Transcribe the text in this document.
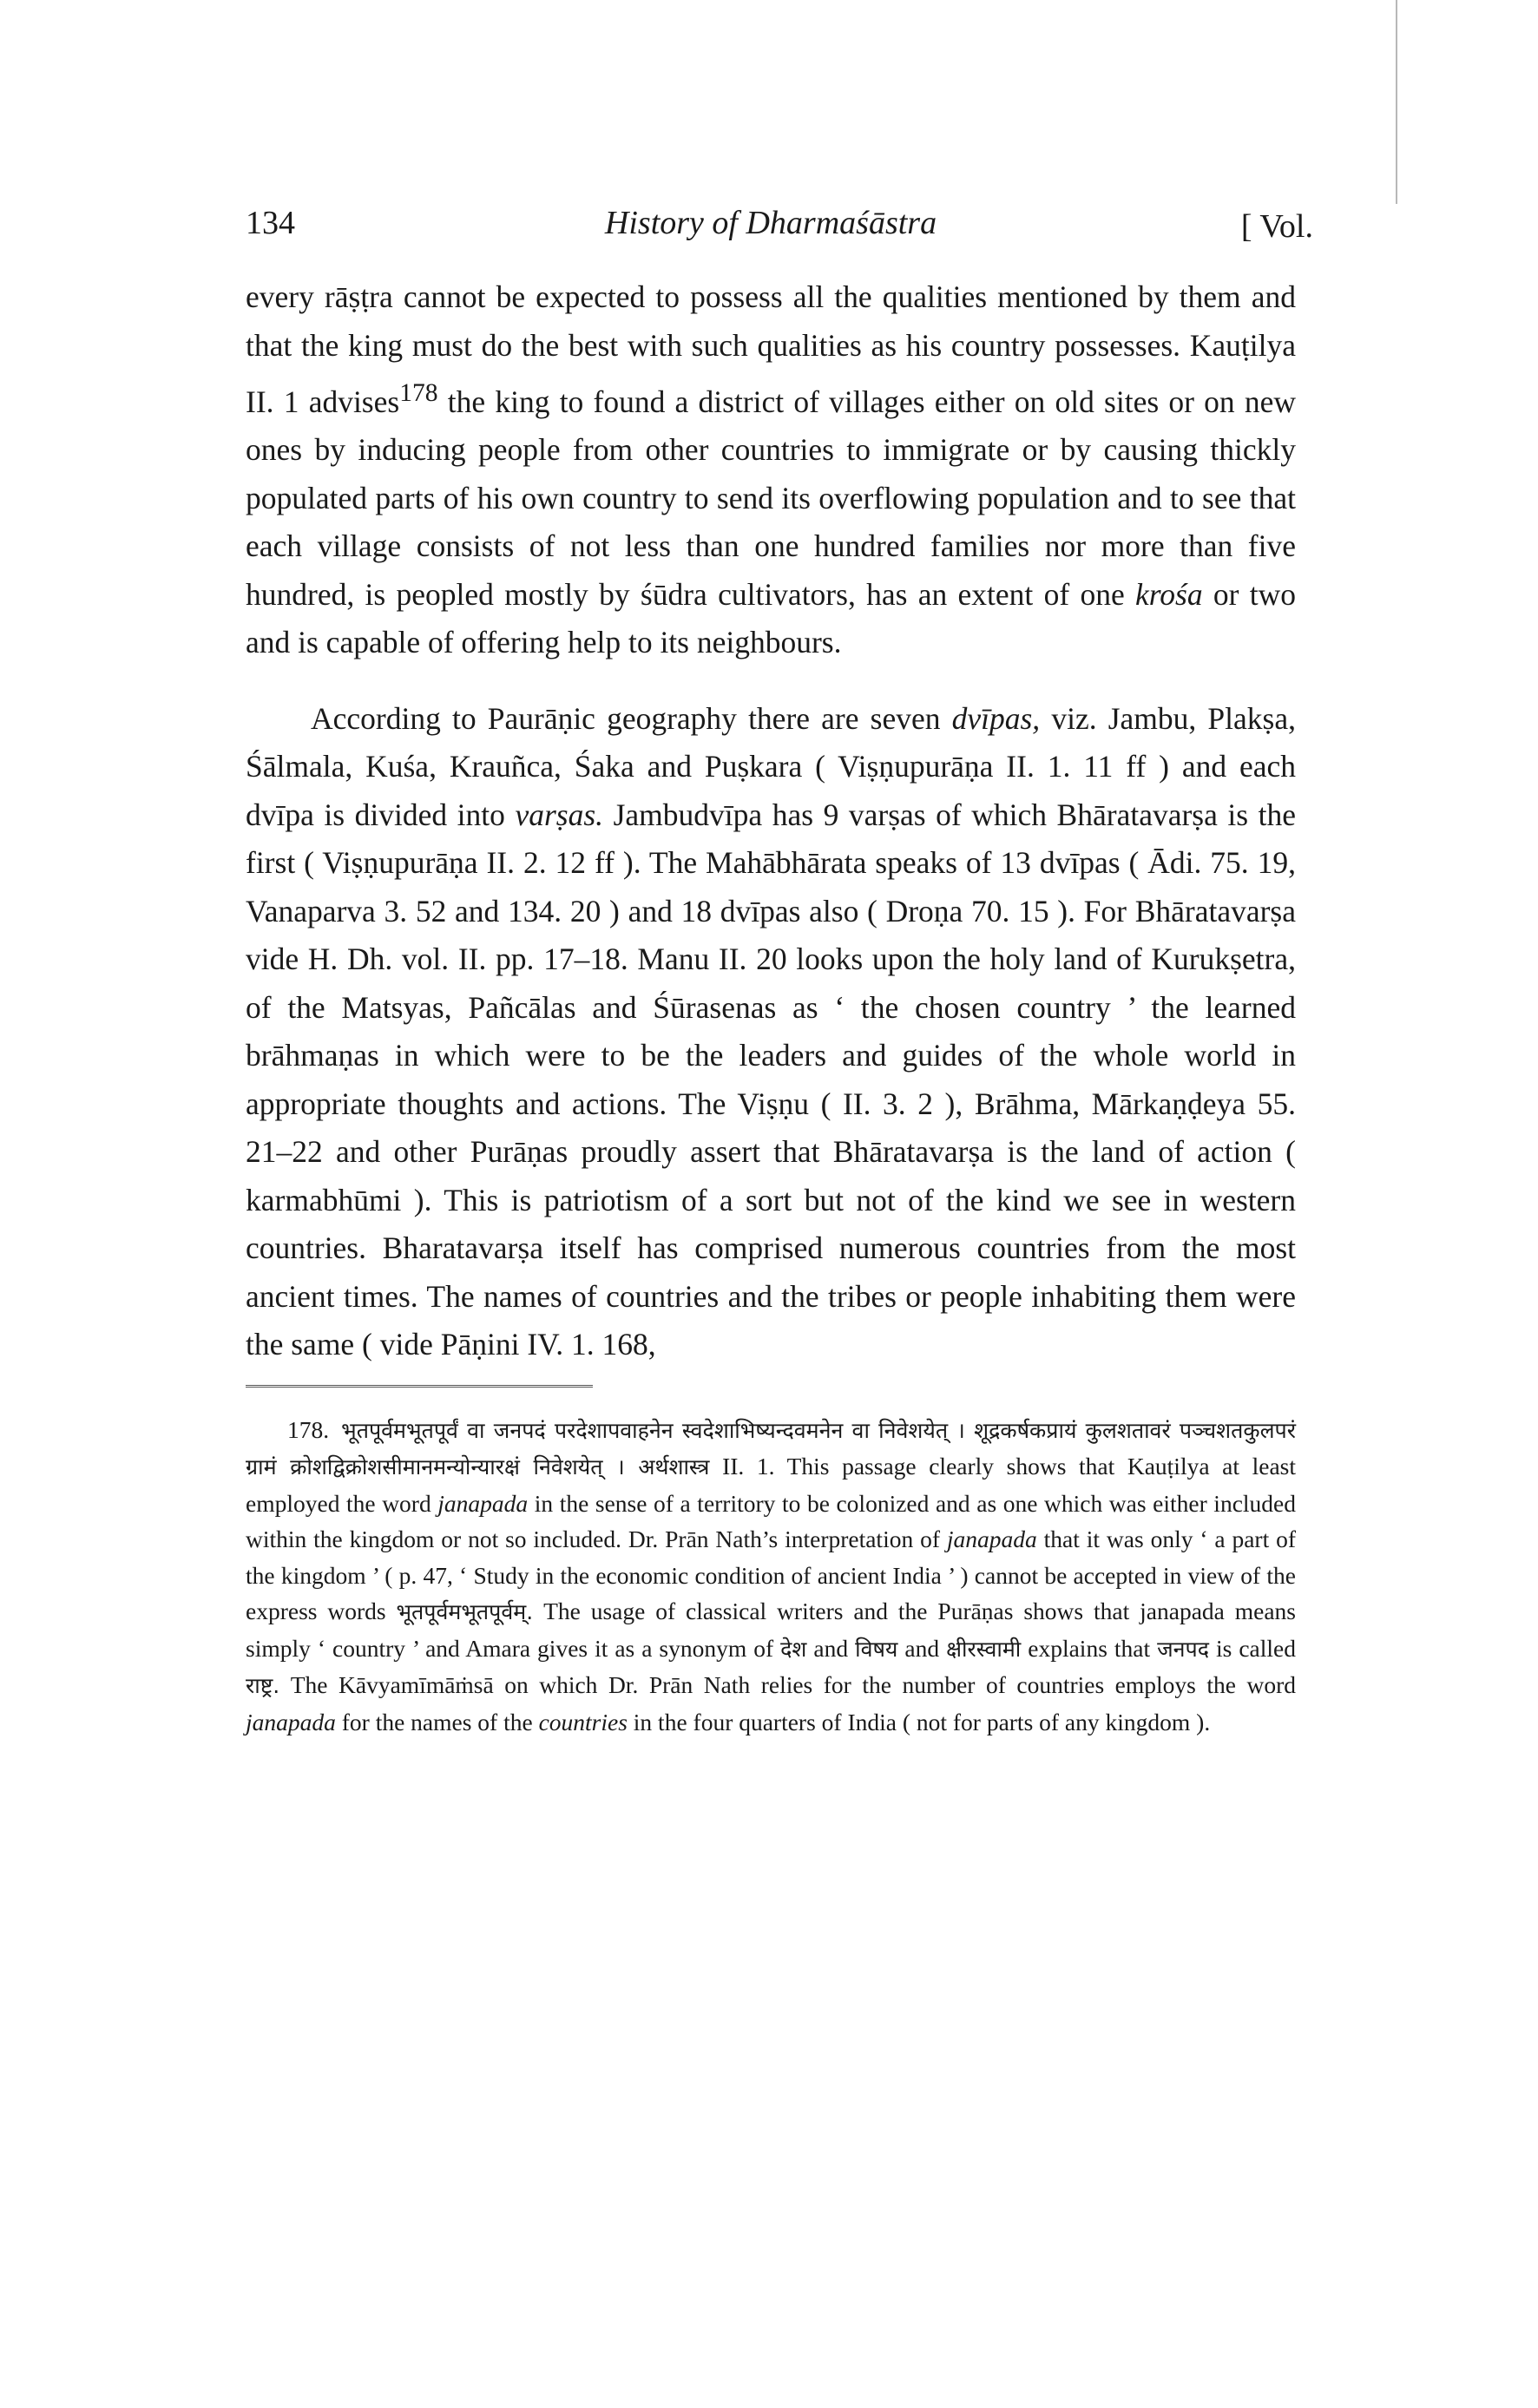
134	History of Dharmaśāstra	[ Vol.

every rāṣṭra cannot be expected to possess all the qualities mentioned by them and that the king must do the best with such qualities as his country possesses. Kauṭilya II. 1 advises$^{178}$ the king to found a district of villages either on old sites or on new ones by inducing people from other countries to immigrate or by causing thickly populated parts of his own country to send its overflowing population and to see that each village consists of not less than one hundred families nor more than five hundred, is peopled mostly by śūdra cultivators, has an extent of one krośa or two and is capable of offering help to its neighbours.

According to Paurāṇic geography there are seven dvīpas, viz. Jambu, Plakṣa, Śālmala, Kuśa, Krauñca, Śaka and Puṣkara ( Viṣṇupurāṇa II. 1. 11 ff ) and each dvīpa is divided into varṣas. Jambudvīpa has 9 varṣas of which Bhāratavarṣa is the first ( Viṣṇupurāṇa II. 2. 12 ff ). The Mahābhārata speaks of 13 dvīpas ( Ādi. 75. 19, Vanaparva 3. 52 and 134. 20 ) and 18 dvīpas also ( Droṇa 70. 15 ). For Bhāratavarṣa vide H. Dh. vol. II. pp. 17–18. Manu II. 20 looks upon the holy land of Kurukṣetra, of the Matsyas, Pañcālas and Śūrasenas as ‘ the chosen country ’ the learned brāhmaṇas in which were to be the leaders and guides of the whole world in appropriate thoughts and actions. The Viṣṇu ( II. 3. 2 ), Brāhma, Mārkaṇḍeya 55. 21–22 and other Purāṇas proudly assert that Bhāratavarṣa is the land of action ( karmabhūmi ). This is patriotism of a sort but not of the kind we see in western countries. Bharatavarṣa itself has comprised numerous countries from the most ancient times. The names of countries and the tribes or people inhabiting them were the same ( vide Pāṇini IV. 1. 168,

178. भूतपूर्वमभूतपूर्वं वा जनपदं परदेशापवाहनेन स्वदेशाभिष्यन्दवमनेन वा निवेशयेत् । शूद्रकर्षकप्रायं कुलशतावरं पञ्चशतकुलपरं ग्रामं क्रोशद्विक्रोशसीमानमन्योन्यारक्षं निवेशयेत् । अर्थशास्त्र II. 1. This passage clearly shows that Kauṭilya at least employed the word janapada in the sense of a territory to be colonized and as one which was either included within the kingdom or not so included. Dr. Prān Nath’s interpretation of janapada that it was only ‘ a part of the kingdom ’ ( p. 47, ‘ Study in the economic condition of ancient India ’ ) cannot be accepted in view of the express words भूतपूर्वमभूतपूर्वम्. The usage of classical writers and the Purāṇas shows that janapada means simply ‘ country ’ and Amara gives it as a synonym of देश and विषय and क्षीरस्वामी explains that जनपद is called राष्ट्र. The Kāvyamīmāṁsā on which Dr. Prān Nath relies for the number of countries employs the word janapada for the names of the countries in the four quarters of India ( not for parts of any kingdom ).
